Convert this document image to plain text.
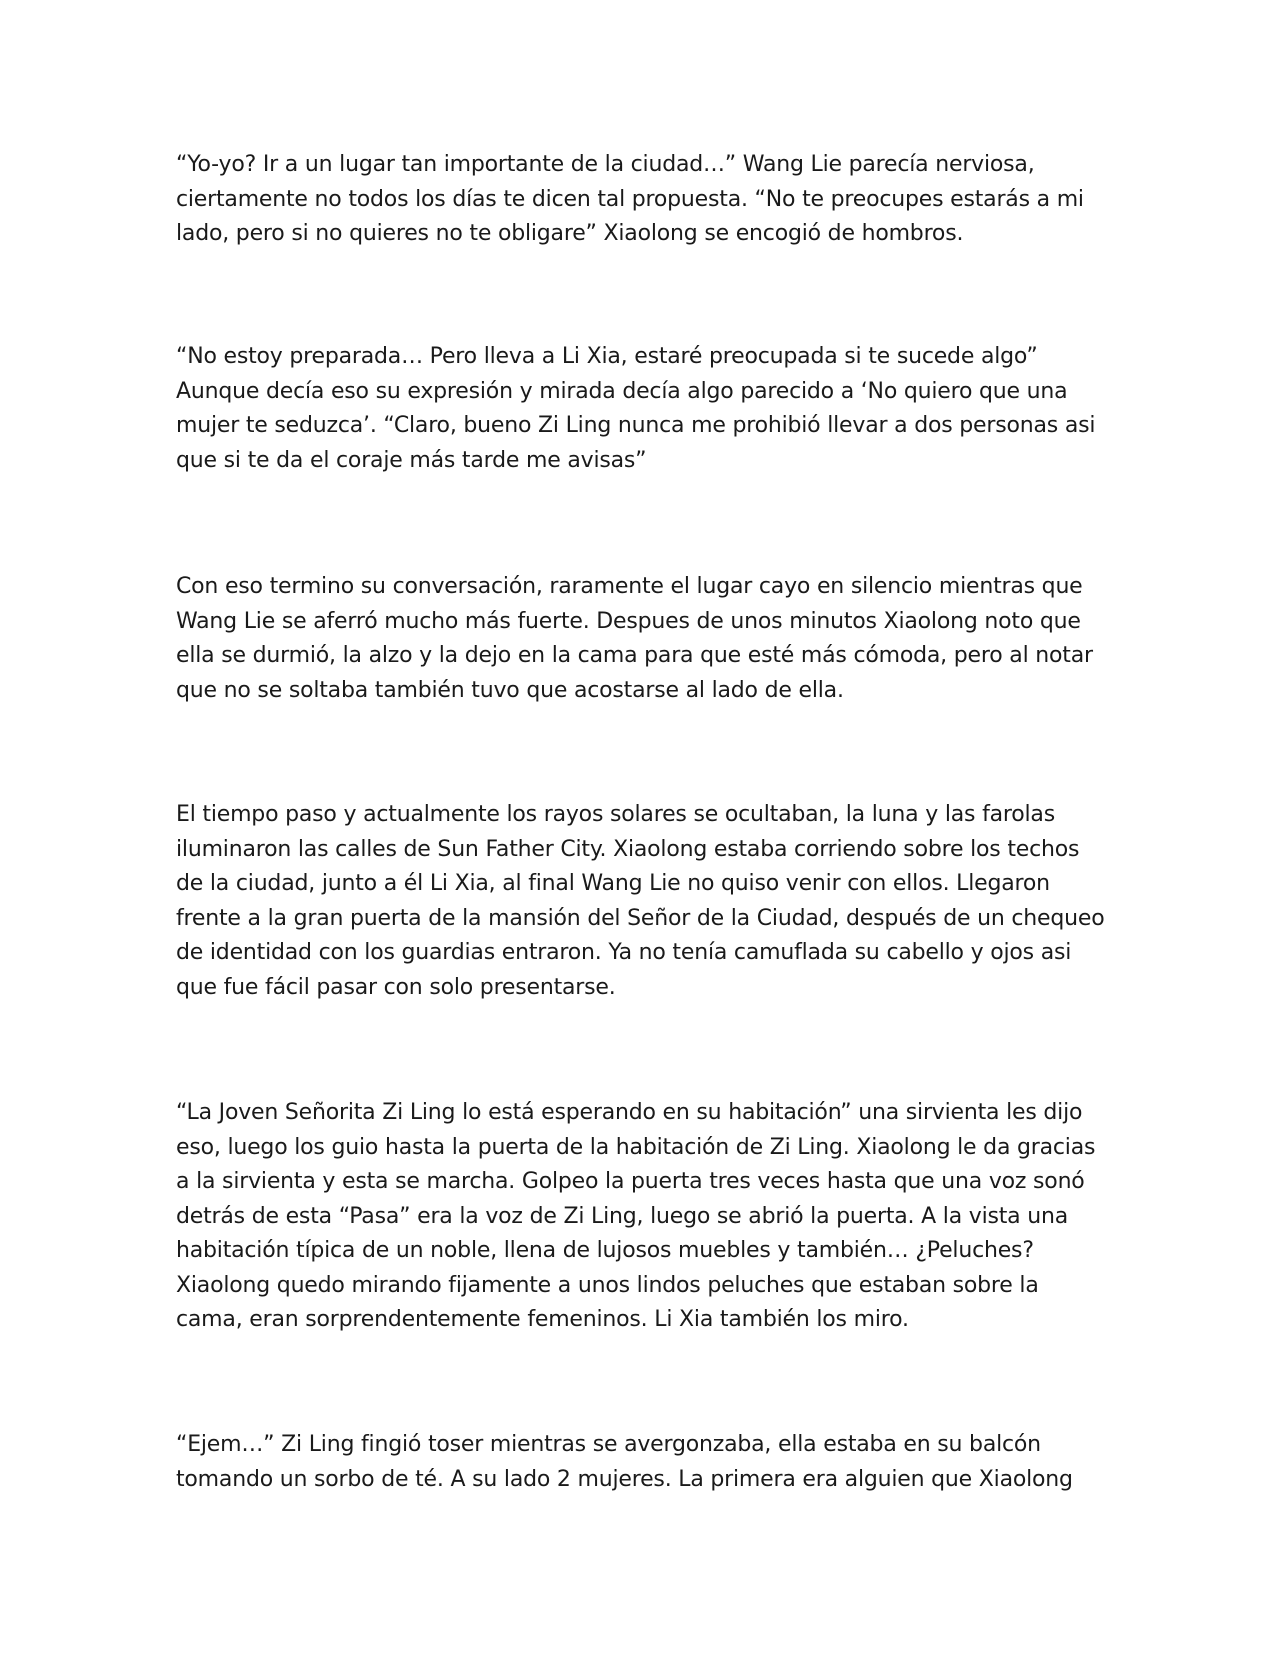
“Yo-yo? Ir a un lugar tan importante de la ciudad…” Wang Lie parecía nerviosa, ciertamente no todos los días te dicen tal propuesta. “No te preocupes estarás a mi lado, pero si no quieres no te obligare” Xiaolong se encogió de hombros.

“No estoy preparada… Pero lleva a Li Xia, estaré preocupada si te sucede algo” Aunque decía eso su expresión y mirada decía algo parecido a ‘No quiero que una mujer te seduzca’. “Claro, bueno Zi Ling nunca me prohibió llevar a dos personas asi que si te da el coraje más tarde me avisas”

Con eso termino su conversación, raramente el lugar cayo en silencio mientras que Wang Lie se aferró mucho más fuerte. Despues de unos minutos Xiaolong noto que ella se durmió, la alzo y la dejo en la cama para que esté más cómoda, pero al notar que no se soltaba también tuvo que acostarse al lado de ella.

El tiempo paso y actualmente los rayos solares se ocultaban, la luna y las farolas iluminaron las calles de Sun Father City. Xiaolong estaba corriendo sobre los techos de la ciudad, junto a él Li Xia, al final Wang Lie no quiso venir con ellos. Llegaron frente a la gran puerta de la mansión del Señor de la Ciudad, después de un chequeo de identidad con los guardias entraron. Ya no tenía camuflada su cabello y ojos asi que fue fácil pasar con solo presentarse.

“La Joven Señorita Zi Ling lo está esperando en su habitación” una sirvienta les dijo eso, luego los guio hasta la puerta de la habitación de Zi Ling. Xiaolong le da gracias a la sirvienta y esta se marcha. Golpeo la puerta tres veces hasta que una voz sonó detrás de esta “Pasa” era la voz de Zi Ling, luego se abrió la puerta. A la vista una habitación típica de un noble, llena de lujosos muebles y también… ¿Peluches? Xiaolong quedo mirando fijamente a unos lindos peluches que estaban sobre la cama, eran sorprendentemente femeninos. Li Xia también los miro.

“Ejem…” Zi Ling fingió toser mientras se avergonzaba, ella estaba en su balcón tomando un sorbo de té. A su lado 2 mujeres. La primera era alguien que Xiaolong
